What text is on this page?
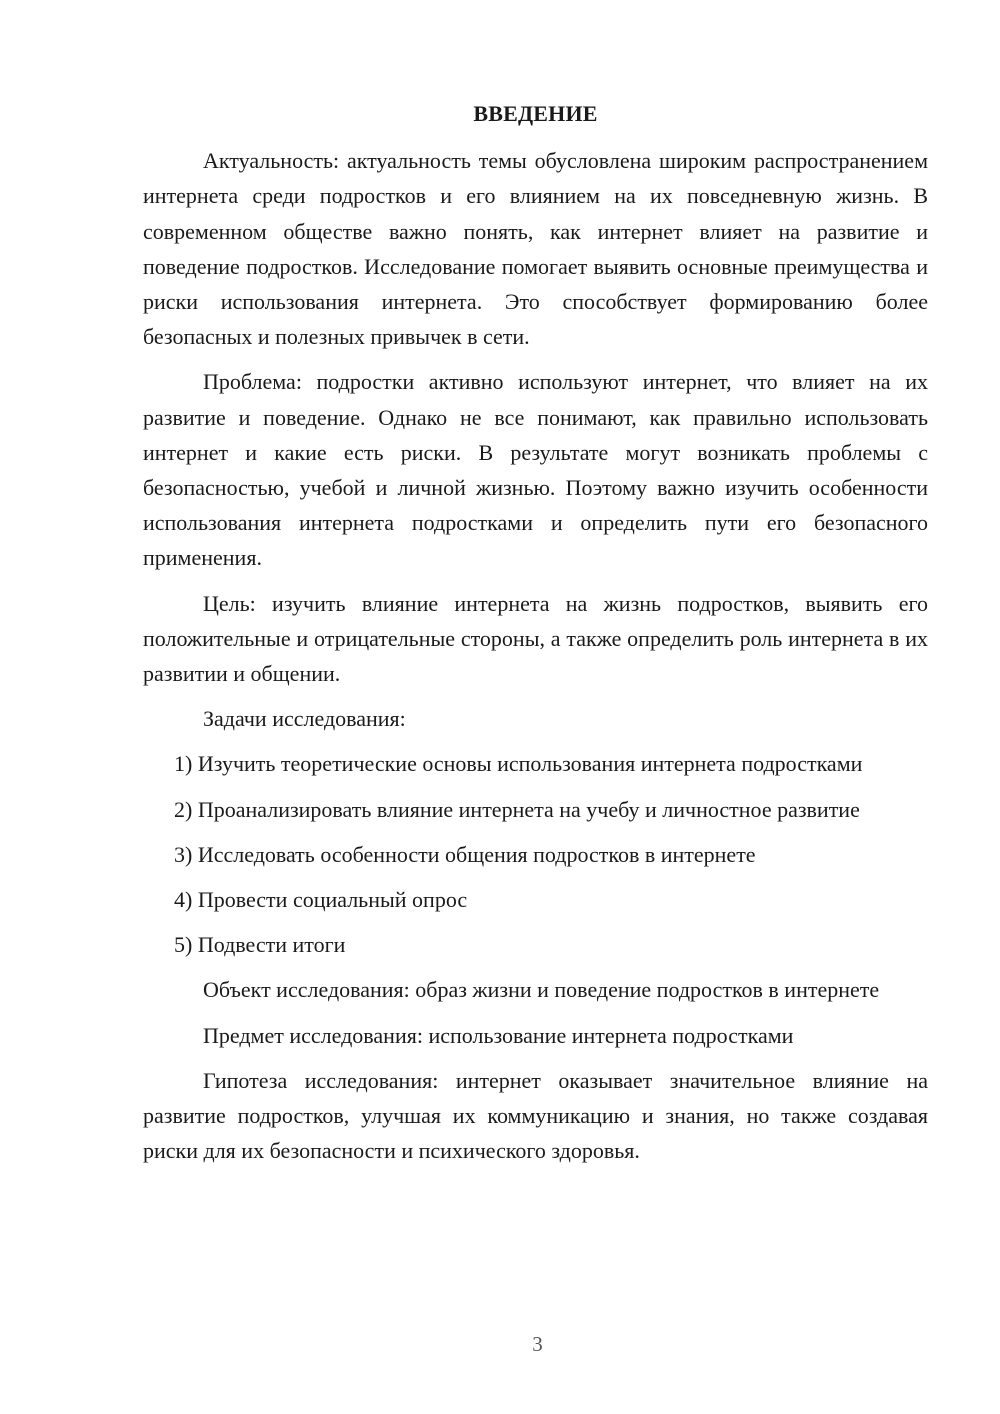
ВВЕДЕНИЕ

Актуальность: актуальность темы обусловлена широким распространением интернета среди подростков и его влиянием на их повседневную жизнь. В современном обществе важно понять, как интернет влияет на развитие и поведение подростков. Исследование помогает выявить основные преимущества и риски использования интернета. Это способствует формированию более безопасных и полезных привычек в сети.

Проблема: подростки активно используют интернет, что влияет на их развитие и поведение. Однако не все понимают, как правильно использовать интернет и какие есть риски. В результате могут возникать проблемы с безопасностью, учебой и личной жизнью. Поэтому важно изучить особенности использования интернета подростками и определить пути его безопасного применения.

Цель: изучить влияние интернета на жизнь подростков, выявить его положительные и отрицательные стороны, а также определить роль интернета в их развитии и общении.

Задачи исследования:

1) Изучить теоретические основы использования интернета подростками

2) Проанализировать влияние интернета на учебу и личностное развитие

3) Исследовать особенности общения подростков в интернете

4) Провести социальный опрос

5) Подвести итоги

Объект исследования: образ жизни и поведение подростков в интернете

Предмет исследования: использование интернета подростками

Гипотеза исследования: интернет оказывает значительное влияние на развитие подростков, улучшая их коммуникацию и знания, но также создавая риски для их безопасности и психического здоровья.

3
